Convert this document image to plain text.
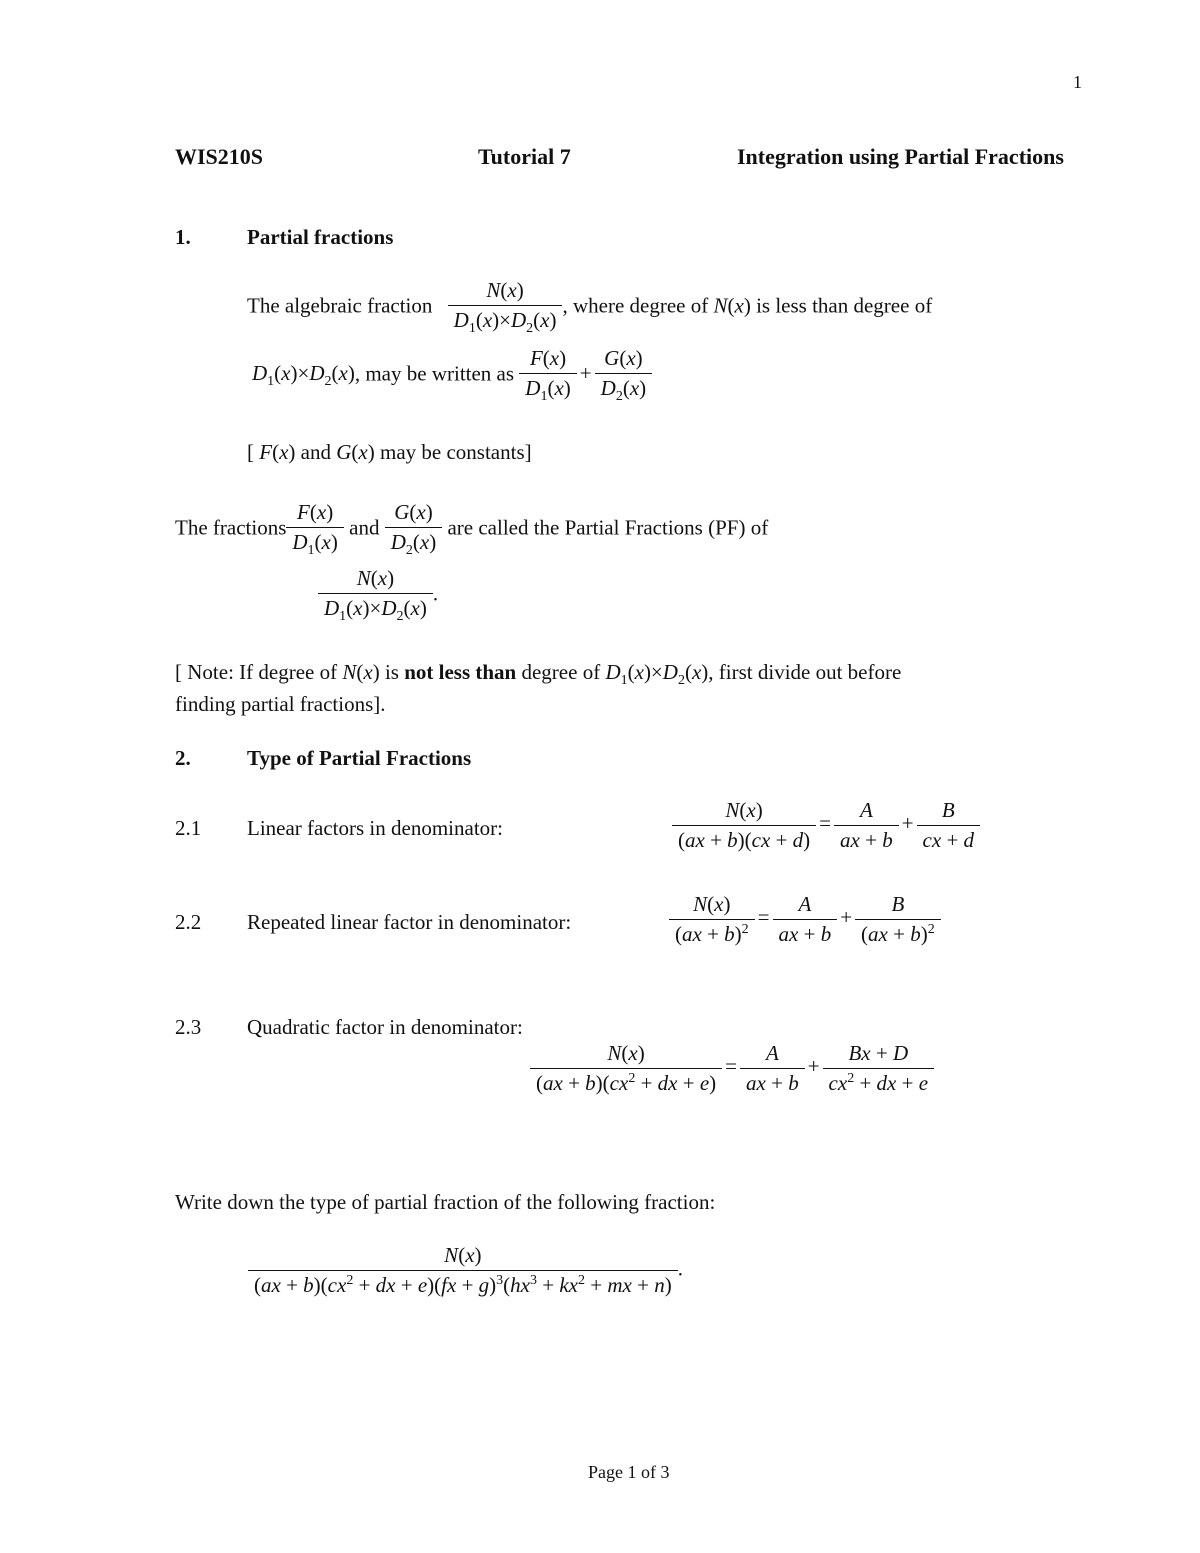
1
WIS210S	Tutorial 7	Integration using Partial Fractions
1.	Partial fractions
The algebraic fraction $\frac{N(x)}{D_1(x)\times D_2(x)}$ , where degree of N(x) is less than degree of
$D_1(x)\times D_2(x)$, may be written as $\frac{F(x)}{D_1(x)} + \frac{G(x)}{D_2(x)}$
[ F(x) and G(x) may be constants]
The fractions $\frac{F(x)}{D_1(x)}$ and $\frac{G(x)}{D_2(x)}$ are called the Partial Fractions (PF) of
$\frac{N(x)}{D_1(x)\times D_2(x)}$ .
[ Note: If degree of N(x) is not less than degree of $D_1(x)\times D_2(x)$, first divide out before
finding partial fractions].
2.	Type of Partial Fractions
2.1 Linear factors in denominator:	$\frac{N(x)}{(ax + b)(cx + d)} = \frac{A}{ax + b} + \frac{B}{cx + d}$
2.2 Repeated linear factor in denominator:	$\frac{N(x)}{(ax + b)^2} = \frac{A}{ax + b} + \frac{B}{(ax + b)^2}$
2.3 Quadratic factor in denominator:
$\frac{N(x)}{(ax + b)(cx^2 + dx + e)} = \frac{A}{ax + b} + \frac{Bx + D}{cx^2 + dx + e}$
Write down the type of partial fraction of the following fraction:
$\frac{N(x)}{(ax + b)(cx^2 + dx + e)(fx + g)^3(hx^3 + kx^2 + mx + n)}$ .
Page 1 of 3
